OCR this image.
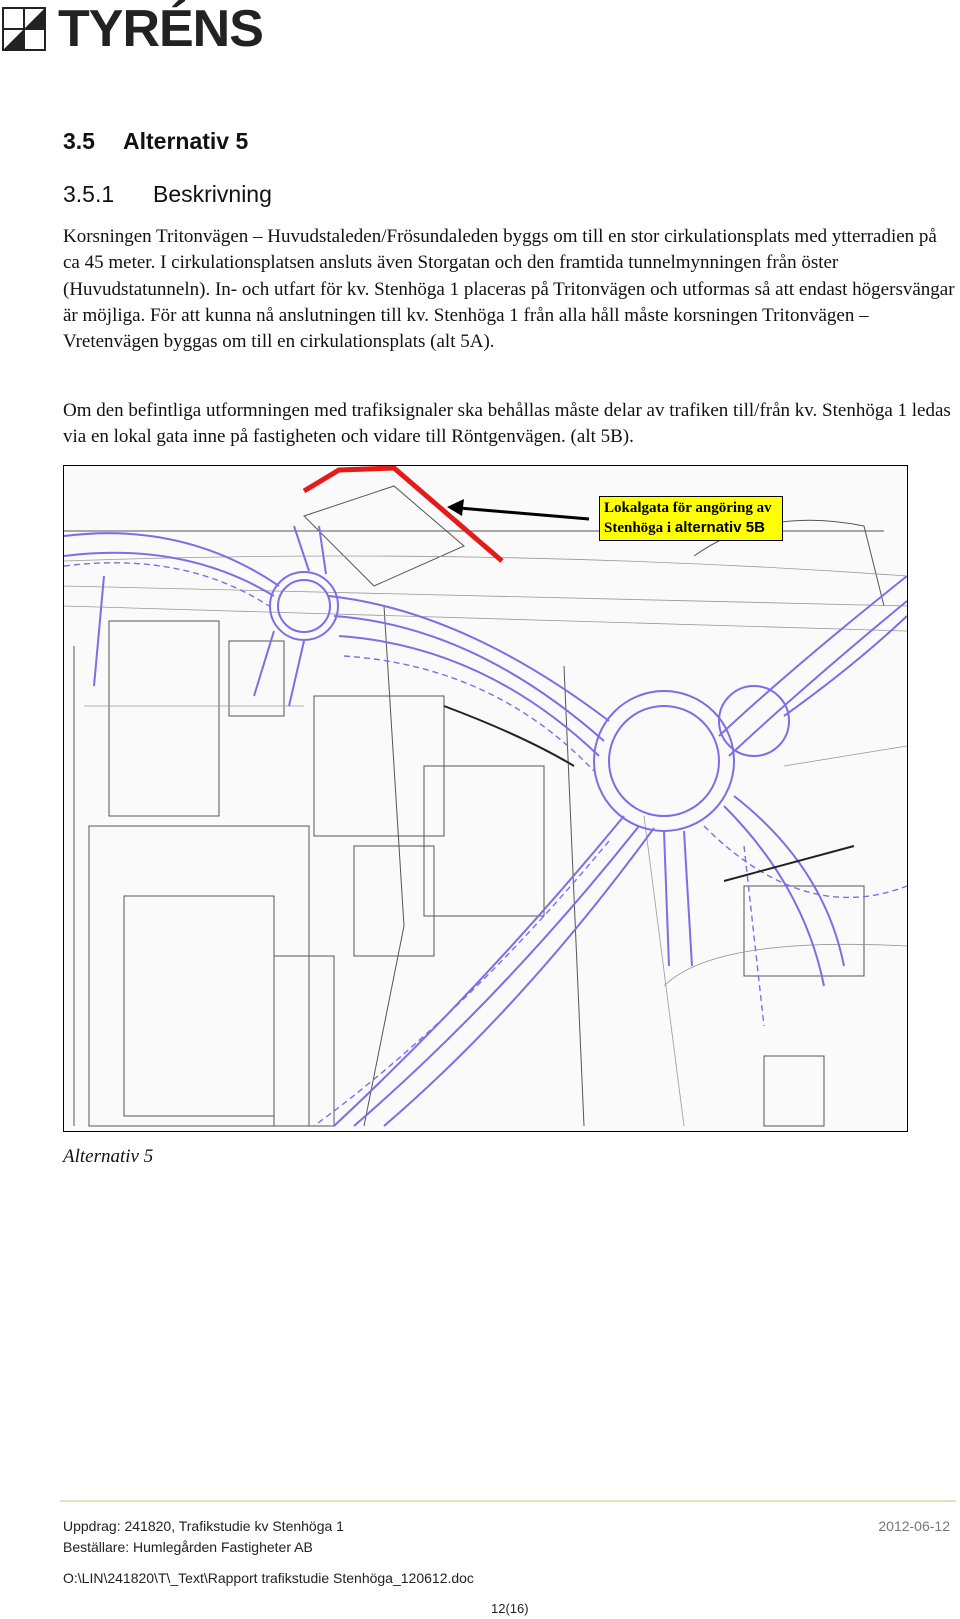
TYRÉNS
3.5 Alternativ 5
3.5.1 Beskrivning

Korsningen Tritonvägen – Huvudstaleden/Frösundaleden byggs om till en stor cirkulationsplats med ytterradien på ca 45 meter. I cirkulationsplatsen ansluts även Storgatan och den framtida tunnelmynningen från öster (Huvudstatunneln). In- och utfart för kv. Stenhöga 1 placeras på Tritonvägen och utformas så att endast högersvängar är möjliga. För att kunna nå anslutningen till kv. Stenhöga 1 från alla håll måste korsningen Tritonvägen – Vretenvägen byggas om till en cirkulationsplats (alt 5A).

Om den befintliga utformningen med trafiksignaler ska behållas måste delar av trafiken till/från kv. Stenhöga 1 ledas via en lokal gata inne på fastigheten och vidare till Röntgenvägen. (alt 5B).

Lokalgata för angöring av Stenhöga i alternativ 5B
Alternativ 5
Uppdrag: 241820, Trafikstudie kv Stenhöga 1	2012-06-12
Beställare: Humlegården Fastigheter AB
O:\LIN\241820\T\_Text\Rapport trafikstudie Stenhöga_120612.doc
12(16)
